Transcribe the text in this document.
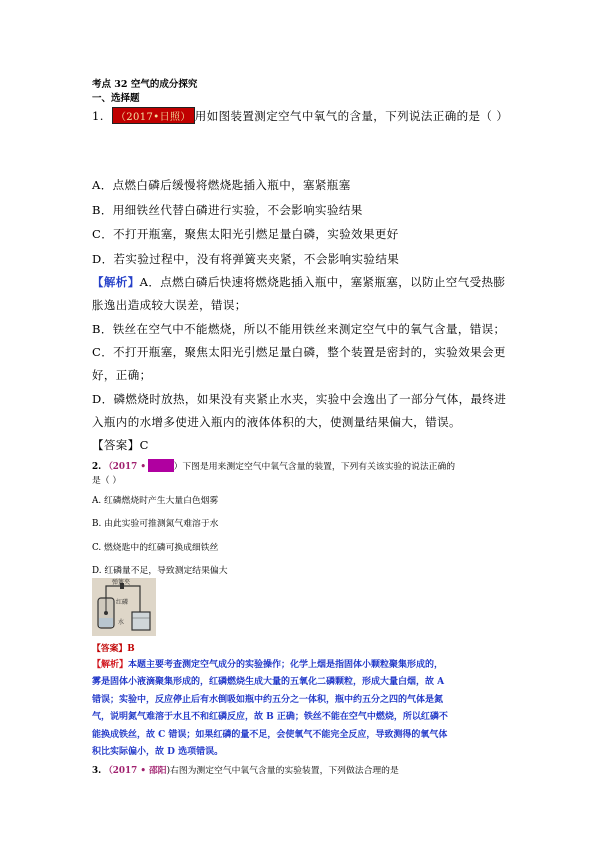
考点 32 空气的成分探究
一、选择题
1. （2017•日照） 用如图装置测定空气中氧气的含量，下列说法正确的是（ ）
A．点燃白磷后缓慢将燃烧匙插入瓶中，塞紧瓶塞
B．用细铁丝代替白磷进行实验，不会影响实验结果
C．不打开瓶塞，聚焦太阳光引燃足量白磷，实验效果更好
D．若实验过程中，没有将弹簧夹夹紧，不会影响实验结果
【解析】A．点燃白磷后快速将燃烧匙插入瓶中，塞紧瓶塞，以防止空气受热膨
胀逸出造成较大误差，错误；
B．铁丝在空气中不能燃烧，所以不能用铁丝来测定空气中的氧气含量，错误；
C．不打开瓶塞，聚焦太阳光引燃足量白磷，整个装置是密封的，实验效果会更
好，正确；
D．磷燃烧时放热，如果没有夹紧止水夹，实验中会逸出了一部分气体，最终进
入瓶内的水增多使进入瓶内的液体体积的大，使测量结果偏大，错误。
【答案】C
2. （2017 • 桂林 ）下图是用来测定空气中氧气含量的装置，下列有关该实验的说法正确的
是（ ）
A. 红磷燃烧时产生大量白色烟雾
B. 由此实验可推测氮气难溶于水
C. 燃烧匙中的红磷可换成细铁丝
D. 红磷量不足，导致测定结果偏大
弹簧夹
红磷
水
【答案】B
【解析】本题主要考查测定空气成分的实验操作；化学上烟是指固体小颗粒聚集形成的，
雾是固体小液滴聚集形成的，红磷燃烧生成大量的五氧化二磷颗粒，形成大量白烟，故 A
错误；实验中，反应停止后有水倒吸如瓶中约五分之一体积，瓶中约五分之四的气体是氮
气，说明氮气难溶于水且不和红磷反应，故 B 正确；铁丝不能在空气中燃烧，所以红磷不
能换成铁丝，故 C 错误；如果红磷的量不足，会使氧气不能完全反应，导致测得的氧气体
积比实际偏小，故 D 选项错误。
3. （2017 • 邵阳)右图为测定空气中氧气含量的实验装置，下列做法合理的是
